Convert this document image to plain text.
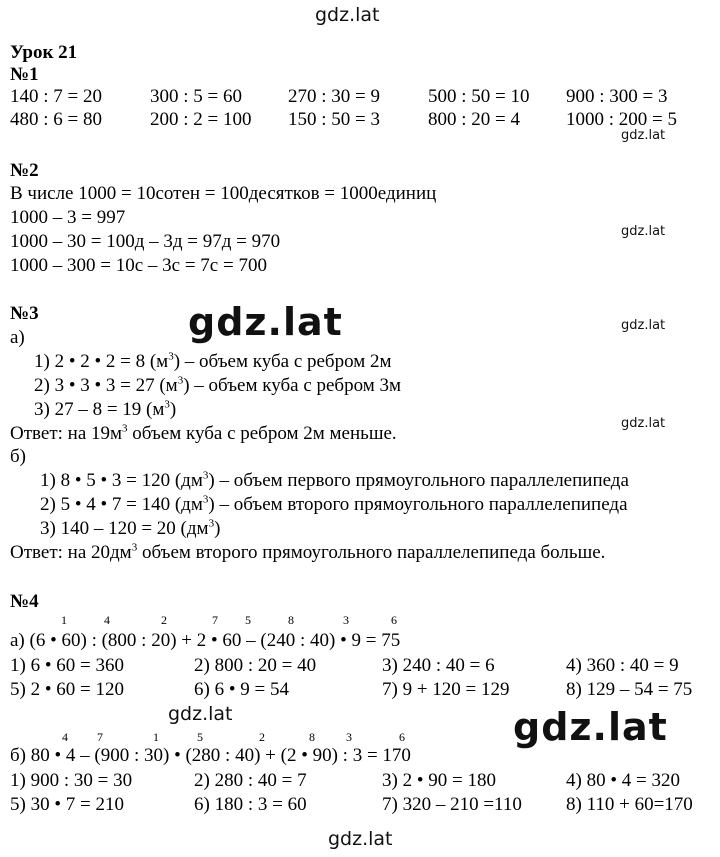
gdz.lat
gdz.lat
gdz.lat
gdz.lat
gdz.lat
gdz.lat
gdz.lat	gdz.lat
gdz.lat
Урок 21
№1
140 : 7 = 20	300 : 5 = 60 270 : 30 = 9	500 : 50 = 10 900 : 300 = 3
480 : 6 = 80	200 : 2 = 100 150 : 50 = 3	800 : 20 = 4 1000 : 200 = 5
№2
В числе 1000 = 10сотен = 100десятков = 1000единиц
1000 – 3 = 997
1000 – 30 = 100д – 3д = 97д = 970
1000 – 300 = 10с – 3с = 7с = 700
№3
а)
1) 2 • 2 • 2 = 8 $(м^3)$ – объем куба с ребром 2м
2) 3 • 3 • 3 = 27 $(м^3)$ – объем куба с ребром 3м
3) 27 – 8 = 19 $(м^3)$
Ответ: на $19м^3$ объем куба с ребром 2м меньше.
б)
1) 8 • 5 • 3 = 120 $(дм^3)$ – объем первого прямоугольного параллелепипеда
2) 5 • 4 • 7 = 140 $(дм^3)$ – объем второго прямоугольного параллелепипеда
3) 140 – 120 = 20 $(дм^3)$
Ответ: на $20дм^3$ объем второго прямоугольного параллелепипеда больше.
№4
1	4	2	7 5	8	3	6
а) (6 • 60) : (800 : 20) + 2 • 60 – (240 : 40) • 9 = 75
1) 6 • 60 = 360	2) 800 : 20 = 40	3) 240 : 40 = 6	4) 360 : 40 = 9
5) 2 • 60 = 120	6) 6 • 9 = 54	7) 9 + 120 = 129	8) 129 – 54 = 75
4 7	1	5	2	8	3	6
б) 80 • 4 – (900 : 30) • (280 : 40) + (2 • 90) : 3 = 170
1) 900 : 30 = 30	2) 280 : 40 = 7	3) 2 • 90 = 180	4) 80 • 4 = 320
5) 30 • 7 = 210	6) 180 : 3 = 60	7) 320 – 210 =110 8) 110 + 60=170
